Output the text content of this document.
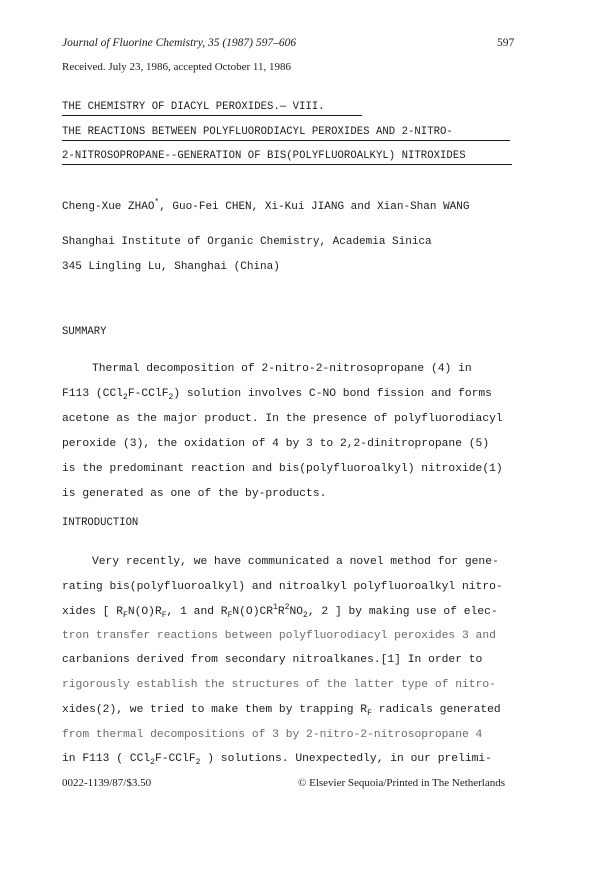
Journal of Fluorine Chemistry, 35 (1987) 597–606	597
Received. July 23, 1986, accepted October 11, 1986
THE CHEMISTRY OF DIACYL PEROXIDES.— VIII.
THE REACTIONS BETWEEN POLYFLUORODIACYL PEROXIDES AND 2-NITRO-
2-NITROSOPROPANE--GENERATION OF BIS(POLYFLUOROALKYL) NITROXIDES
Cheng-Xue ZHAO*, Guo-Fei CHEN, Xi-Kui JIANG and Xian-Shan WANG
Shanghai Institute of Organic Chemistry, Academia Sinica
345 Lingling Lu, Shanghai (China)
SUMMARY
Thermal decomposition of 2-nitro-2-nitrosopropane (4) in
F113 (CCl$_2$F-CClF$_2$) solution involves C-NO bond fission and forms
acetone as the major product. In the presence of polyfluorodiacyl
peroxide (3), the oxidation of 4 by 3 to 2,2-dinitropropane (5)
is the predominant reaction and bis(polyfluoroalkyl) nitroxide(1)
is generated as one of the by-products.
INTRODUCTION
Very recently, we have communicated a novel method for gene-
rating bis(polyfluoroalkyl) and nitroalkyl polyfluoroalkyl nitro-
xides [ $R_FN(O)R_F$, 1 and $R_FN(O)CR^1R^2NO_2$, 2 ] by making use of elec-
tron transfer reactions between polyfluorodiacyl peroxides 3 and
carbanions derived from secondary nitroalkanes.[1] In order to
rigorously establish the structures of the latter type of nitro-
xides(2), we tried to make them by trapping $R_F$ radicals generated
from thermal decompositions of 3 by 2-nitro-2-nitrosopropane 4
in F113 ( CCl$_2$F-CClF$_2$ ) solutions. Unexpectedly, in our prelimi-
0022-1139/87/$3.50	© Elsevier Sequoia/Printed in The Netherlands
